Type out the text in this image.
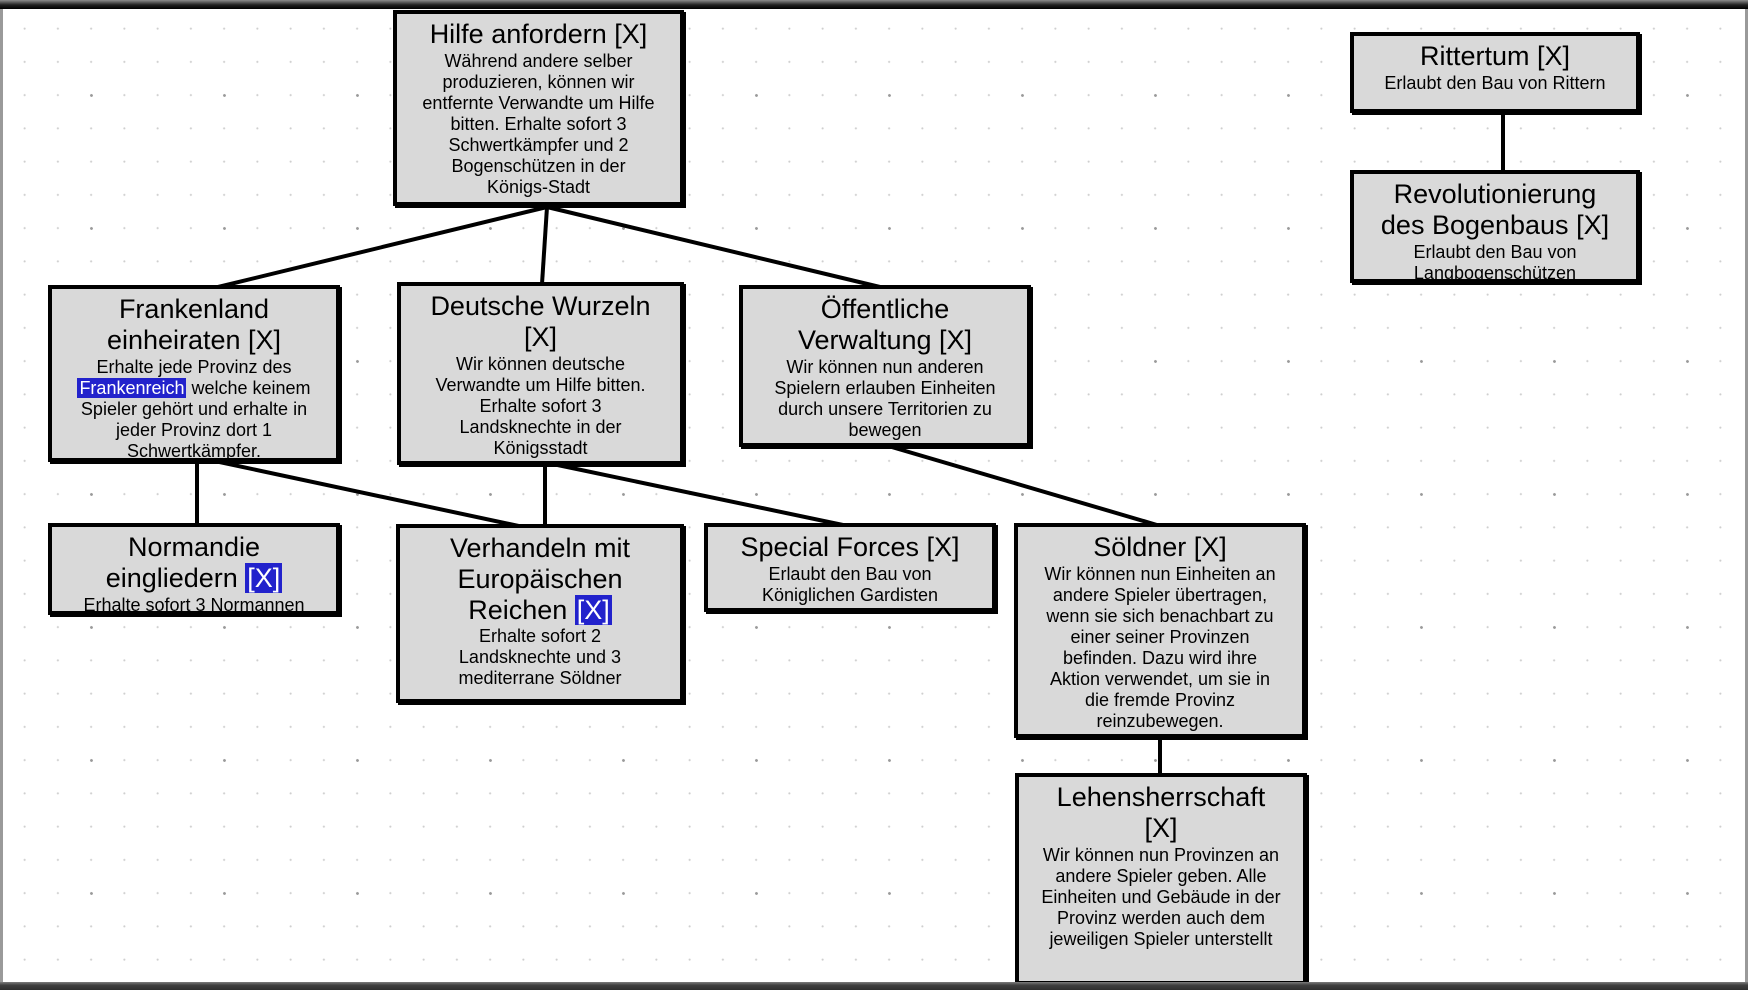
Hilfe anfordern [X]
Während andere selber produzieren, können wir entfernte Verwandte um Hilfe bitten. Erhalte sofort 3 Schwertkämpfer und 2 Bogenschützen in der Königs-Stadt
Rittertum [X]
Erlaubt den Bau von Rittern
Revolutionierung des Bogenbaus [X]
Erlaubt den Bau von Langbogenschützen
Frankenland einheiraten [X]
Erhalte jede Provinz des Frankenreich welche keinem Spieler gehört und erhalte in jeder Provinz dort 1 Schwertkämpfer.
Deutsche Wurzeln [X]
Wir können deutsche Verwandte um Hilfe bitten. Erhalte sofort 3 Landsknechte in der Königsstadt
Öffentliche Verwaltung [X]
Wir können nun anderen Spielern erlauben Einheiten durch unsere Territorien zu bewegen
Normandie eingliedern [X]
Erhalte sofort 3 Normannen
Verhandeln mit Europäischen Reichen [X]
Erhalte sofort 2 Landsknechte und 3 mediterrane Söldner
Special Forces [X]
Erlaubt den Bau von Königlichen Gardisten
Söldner [X]
Wir können nun Einheiten an andere Spieler übertragen, wenn sie sich benachbart zu einer seiner Provinzen befinden. Dazu wird ihre Aktion verwendet, um sie in die fremde Provinz reinzubewegen.
Lehensherrschaft [X]
Wir können nun Provinzen an andere Spieler geben. Alle Einheiten und Gebäude in der Provinz werden auch dem jeweiligen Spieler unterstellt
